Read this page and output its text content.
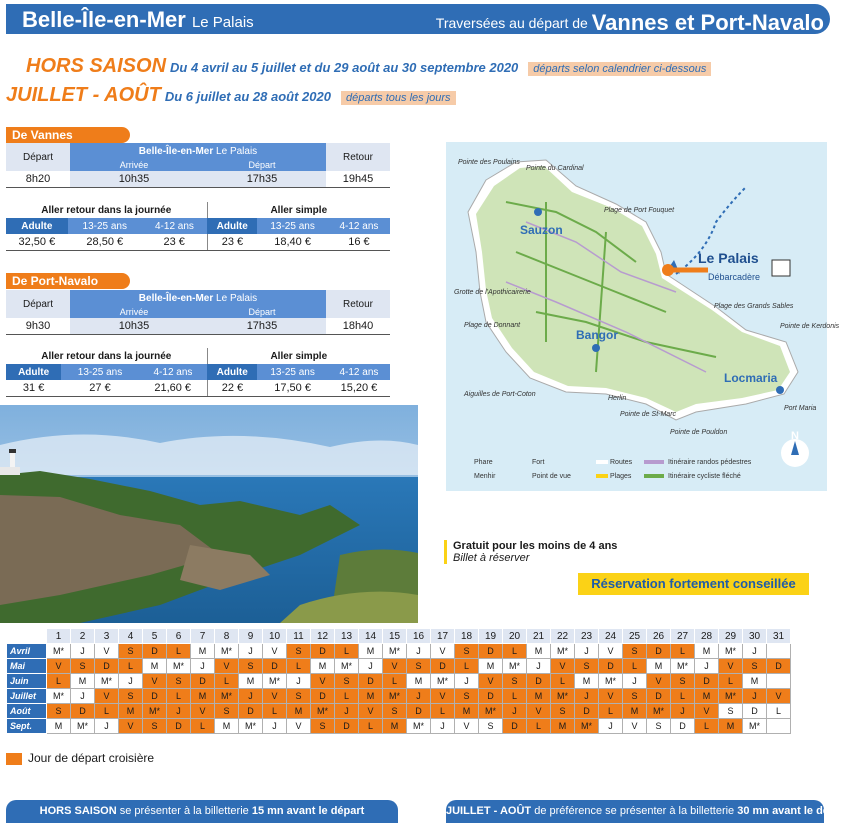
Belle-Île-en-Mer Le Palais	Traversées au départ de Vannes et Port-Navalo
HORS SAISON Du 4 avril au 5 juillet et du 29 août au 30 septembre 2020 départs selon calendrier ci-dessous
JUILLET - AOÛT Du 6 juillet au 28 août 2020 départs tous les jours
De Vannes
Départ	Belle-Île-en-Mer Le Palais		Retour
	Arrivée	Départ	
8h20	10h35	17h35	19h45
Aller retour dans la journée			Aller simple		
Adulte	13-25 ans	4-12 ans	Adulte	13-25 ans	4-12 ans
32,50 €	28,50 €	23 €	23 €	18,40 €	16 €
De Port-Navalo
Départ	Belle-Île-en-Mer Le Palais		Retour
	Arrivée	Départ	
9h30	10h35	17h35	18h40
Aller retour dans la journée			Aller simple		
Adulte	13-25 ans	4-12 ans	Adulte	13-25 ans	4-12 ans
31 €	27 €	21,60 €	22 €	17,50 €	15,20 €
N
Sauzon
Bangor
Locmaria
Le Palais
Débarcadère
Pointe des Poulains
Pointe du Cardinal
Plage de Port Fouquet
Grotte de l'Apothicairerie
Plage de Donnant
Plage des Grands Sables
Pointe de Kerdonis
Aiguilles de Port-Coton
Herlin
Pointe de St-Marc
Pointe de Pouldon
Port Maria
Phare
Menhir
Fort
Point de vue
Routes
Plages
Itinéraire randos pédestres
Itinéraire cycliste fléché
Gratuit pour les moins de 4 ans
Billet à réserver
Réservation fortement conseillée
	1	2	3	4	5	6	7	8	9	10	11	12	13	14	15	16	17	18	19	20	21	22	23	24	25	26	27	28	29	30	31
Avril	M*	J	V	S	D	L	M	M*	J	V	S	D	L	M	M*	J	V	S	D	L	M	M*	J	V	S	D	L	M	M*	J	
Mai	V	S	D	L	M	M*	J	V	S	D	L	M	M*	J	V	S	D	L	M	M*	J	V	S	D	L	M	M*	J	V	S	D
Juin	L	M	M*	J	V	S	D	L	M	M*	J	V	S	D	L	M	M*	J	V	S	D	L	M	M*	J	V	S	D	L	M	
Juillet	M*	J	V	S	D	L	M	M*	J	V	S	D	L	M	M*	J	V	S	D	L	M	M*	J	V	S	D	L	M	M*	J	V
Août	S	D	L	M	M*	J	V	S	D	L	M	M*	J	V	S	D	L	M	M*	J	V	S	D	L	M	M*	J	V	S	D	L
Sept.	M	M*	J	V	S	D	L	M	M*	J	V	S	D	L	M	M*	J	V	S	D	L	M	M*	J	V	S	D	L	M	M*	
Jour de départ croisière
HORS SAISON se présenter à la billetterie 15 mn avant le départ	JUILLET - AOÛT de préférence se présenter à la billetterie 30 mn avant le départ
